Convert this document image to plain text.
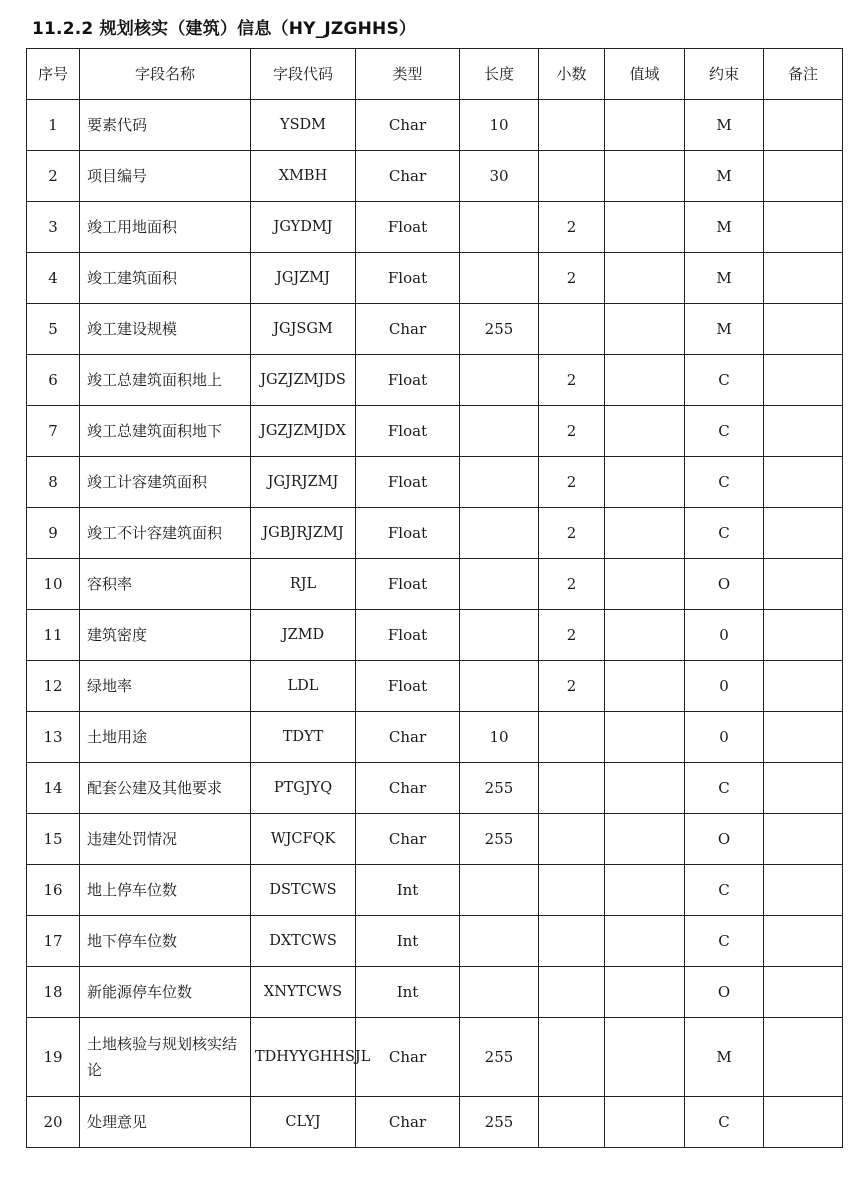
11.2.2 规划核实（建筑）信息（HY_JZGHHS）
序号	字段名称	字段代码	类型	长度	小数	值域	约束	备注
1	要素代码	YSDM	Char	10			M	
2	项目编号	XMBH	Char	30			M	
3	竣工用地面积	JGYDMJ	Float		2		M	
4	竣工建筑面积	JGJZMJ	Float		2		M	
5	竣工建设规模	JGJSGM	Char	255			M	
6	竣工总建筑面积地上	JGZJZMJDS	Float		2		C	
7	竣工总建筑面积地下	JGZJZMJDX	Float		2		C	
8	竣工计容建筑面积	JGJRJZMJ	Float		2		C	
9	竣工不计容建筑面积	JGBJRJZMJ	Float		2		C	
10	容积率	RJL	Float		2		O	
11	建筑密度	JZMD	Float		2		0	
12	绿地率	LDL	Float		2		0	
13	土地用途	TDYT	Char	10			0	
14	配套公建及其他要求	PTGJYQ	Char	255			C	
15	违建处罚情况	WJCFQK	Char	255			O	
16	地上停车位数	DSTCWS	Int				C	
17	地下停车位数	DXTCWS	Int				C	
18	新能源停车位数	XNYTCWS	Int				O	
19	土地核验与规划核实结论	TDHYYGHHSJL	Char	255			M	
20	处理意见	CLYJ	Char	255			C	
